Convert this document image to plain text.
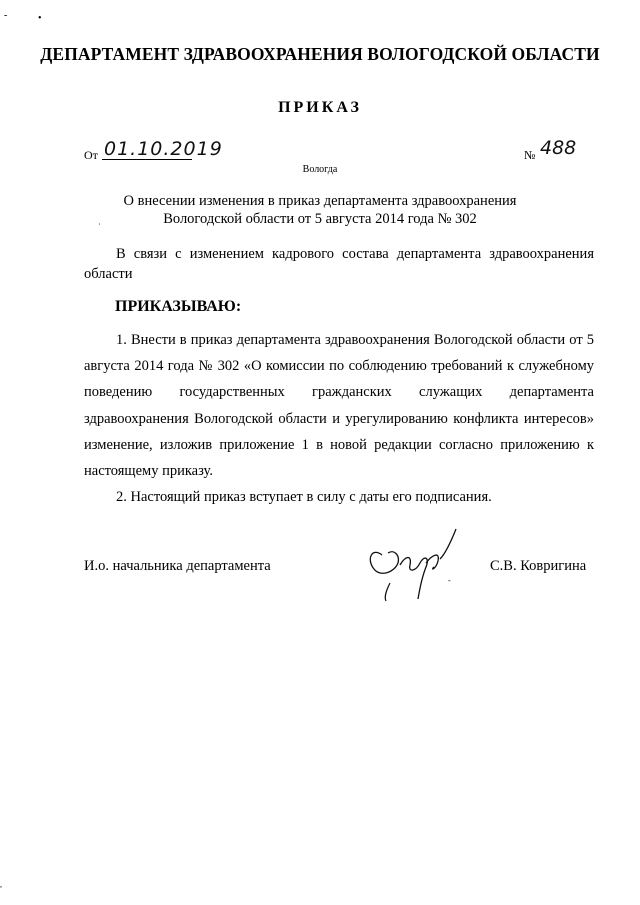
-	•
ДЕПАРТАМЕНТ ЗДРАВООХРАНЕНИЯ ВОЛОГОДСКОЙ ОБЛАСТИ
ПРИКАЗ
От 01.10.2019
Вологда
№ 488
О внесении изменения в приказ департамента здравоохранения
Вологодской области от 5 августа 2014 года № 302
·
В связи с изменением кадрового состава департамента здравоохранения
области
ПРИКАЗЫВАЮ:
1. Внести в приказ департамента здравоохранения Вологодской области от 5 августа 2014 года № 302 «О комиссии по соблюдению требований к служебному поведению государственных гражданских служащих департамента здравоохранения Вологодской области и урегулированию конфликта интересов» изменение, изложив приложение 1 в новой редакции согласно приложению к настоящему приказу.
2. Настоящий приказ вступает в силу с даты его подписания.
И.о. начальника департамента
-
С.В. Ковригина
,
